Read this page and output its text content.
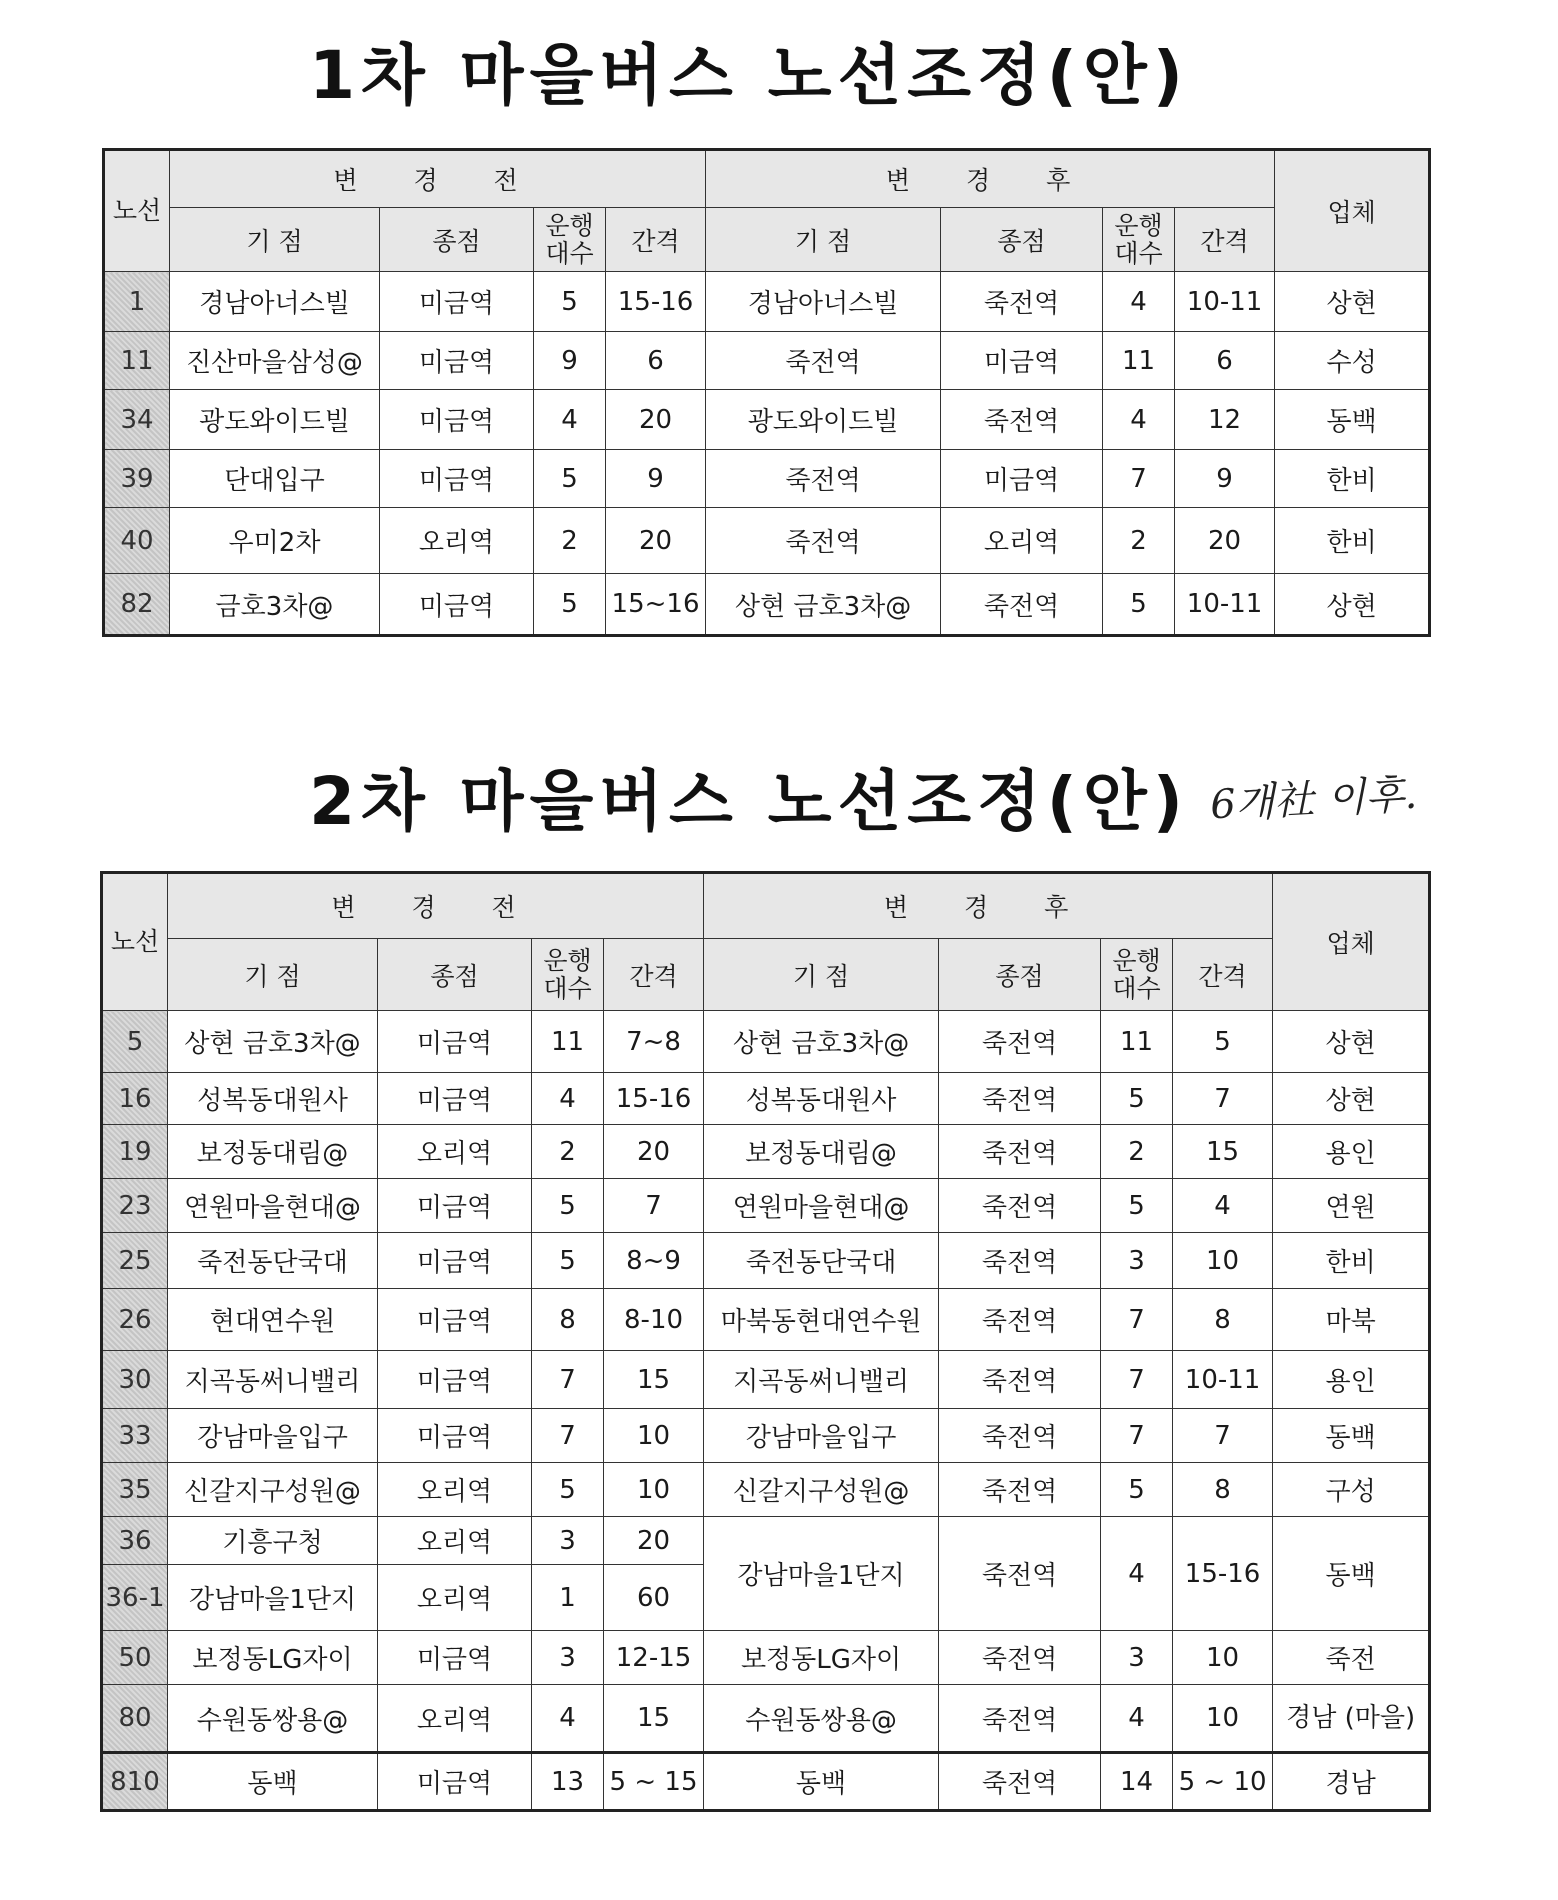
1차 마을버스 노선조정(안)
노선	변 경 전				변 경 후				업체
	기 점	종점	운행대수	간격	기 점	종점	운행대수	간격	
1	경남아너스빌	미금역	5	15-16	경남아너스빌	죽전역	4	10-11	상현
11	진산마을삼성@	미금역	9	6	죽전역	미금역	11	6	수성
34	광도와이드빌	미금역	4	20	광도와이드빌	죽전역	4	12	동백
39	단대입구	미금역	5	9	죽전역	미금역	7	9	한비
40	우미2차	오리역	2	20	죽전역	오리역	2	20	한비
82	금호3차@	미금역	5	15~16	상현 금호3차@	죽전역	5	10-11	상현
2차 마을버스 노선조정(안) 6개社 이후.
노선	변 경 전				변 경 후				업체
	기 점	종점	운행대수	간격	기 점	종점	운행대수	간격	
5	상현 금호3차@	미금역	11	7~8	상현 금호3차@	죽전역	11	5	상현
16	성복동대원사	미금역	4	15-16	성복동대원사	죽전역	5	7	상현
19	보정동대림@	오리역	2	20	보정동대림@	죽전역	2	15	용인
23	연원마을현대@	미금역	5	7	연원마을현대@	죽전역	5	4	연원
25	죽전동단국대	미금역	5	8~9	죽전동단국대	죽전역	3	10	한비
26	현대연수원	미금역	8	8-10	마북동현대연수원	죽전역	7	8	마북
30	지곡동써니밸리	미금역	7	15	지곡동써니밸리	죽전역	7	10-11	용인
33	강남마을입구	미금역	7	10	강남마을입구	죽전역	7	7	동백
35	신갈지구성원@	오리역	5	10	신갈지구성원@	죽전역	5	8	구성
36	기흥구청	오리역	3	20	강남마을1단지	죽전역	4	15-16	동백
36-1	강남마을1단지	오리역	1	60					
50	보정동LG자이	미금역	3	12-15	보정동LG자이	죽전역	3	10	죽전
80	수원동쌍용@	오리역	4	15	수원동쌍용@	죽전역	4	10	경남 (마을)
810	동백	미금역	13	5 ~ 15	동백	죽전역	14	5 ~ 10	경남
